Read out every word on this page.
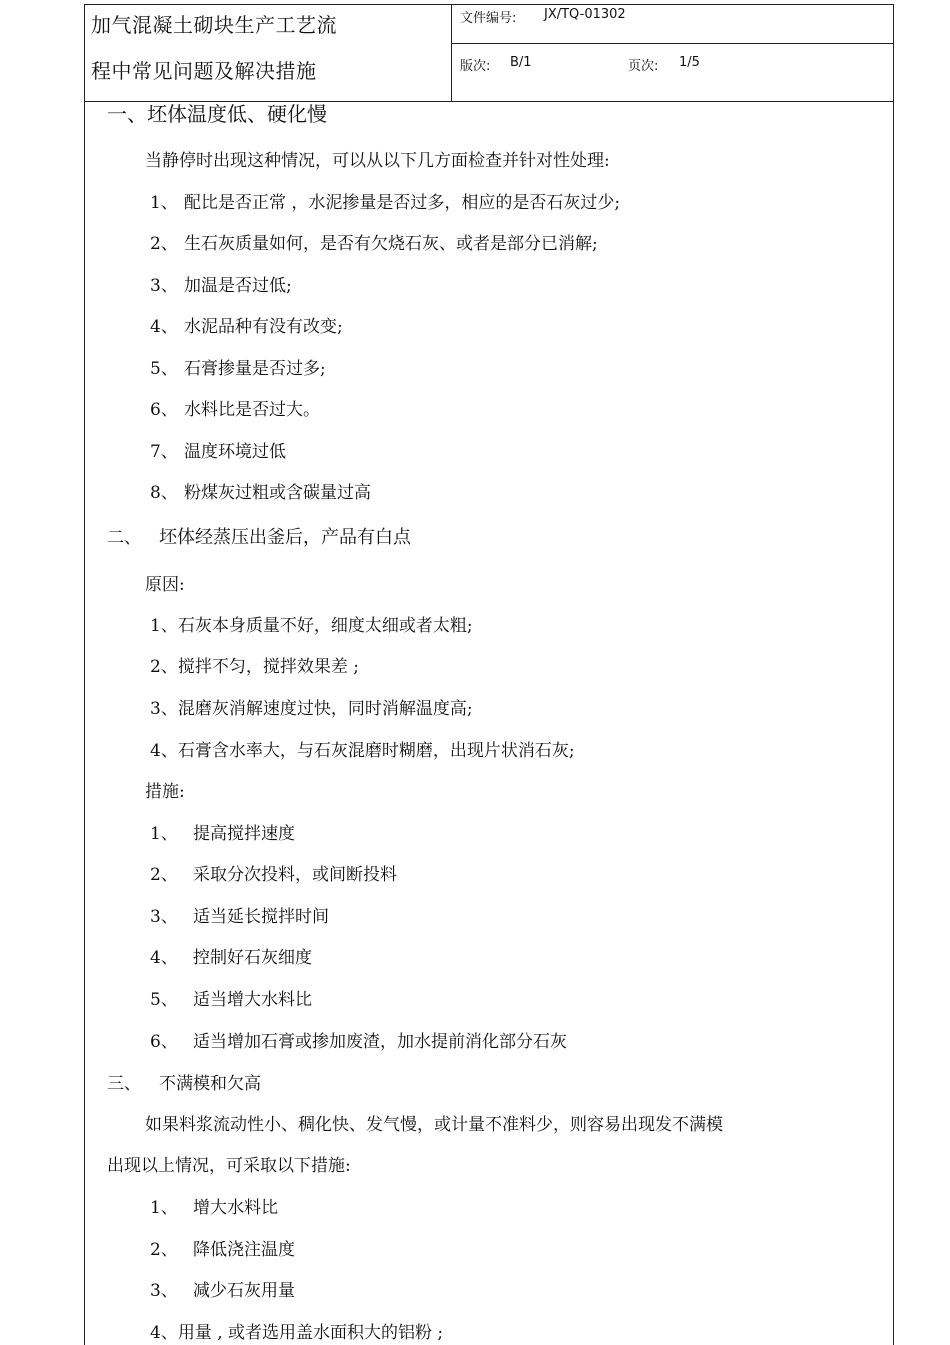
加气混凝土砌块生产工艺流
程中常见问题及解决措施
文件编号: JX/TQ-01302
版次: B/1	页次: 1/5
一、坯体温度低、硬化慢
当静停时出现这种情况，可以从以下几方面检查并针对性处理:
1、 配比是否正常 ，水泥掺量是否过多，相应的是否石灰过少;
2、 生石灰质量如何，是否有欠烧石灰、或者是部分已消解;
3、 加温是否过低;
4、 水泥品种有没有改变;
5、 石膏掺量是否过多;
6、 水料比是否过大。
7、 温度环境过低
8、 粉煤灰过粗或含碳量过高
二、 坯体经蒸压出釜后，产品有白点
原因:
1、石灰本身质量不好，细度太细或者太粗;
2、搅拌不匀，搅拌效果差 ;
3、混磨灰消解速度过快，同时消解温度高;
4、石膏含水率大，与石灰混磨时糊磨，出现片状消石灰;
措施:
1、 提高搅拌速度
2、 采取分次投料，或间断投料
3、 适当延长搅拌时间
4、 控制好石灰细度
5、 适当增大水料比
6、 适当增加石膏或掺加废渣，加水提前消化部分石灰
三、 不满模和欠高
如果料浆流动性小、稠化快、发气慢，或计量不准料少，则容易出现发不满模
出现以上情况，可采取以下措施:
1、 增大水料比
2、 降低浇注温度
3、 减少石灰用量
4、用量 , 或者选用盖水面积大的铝粉 ;
